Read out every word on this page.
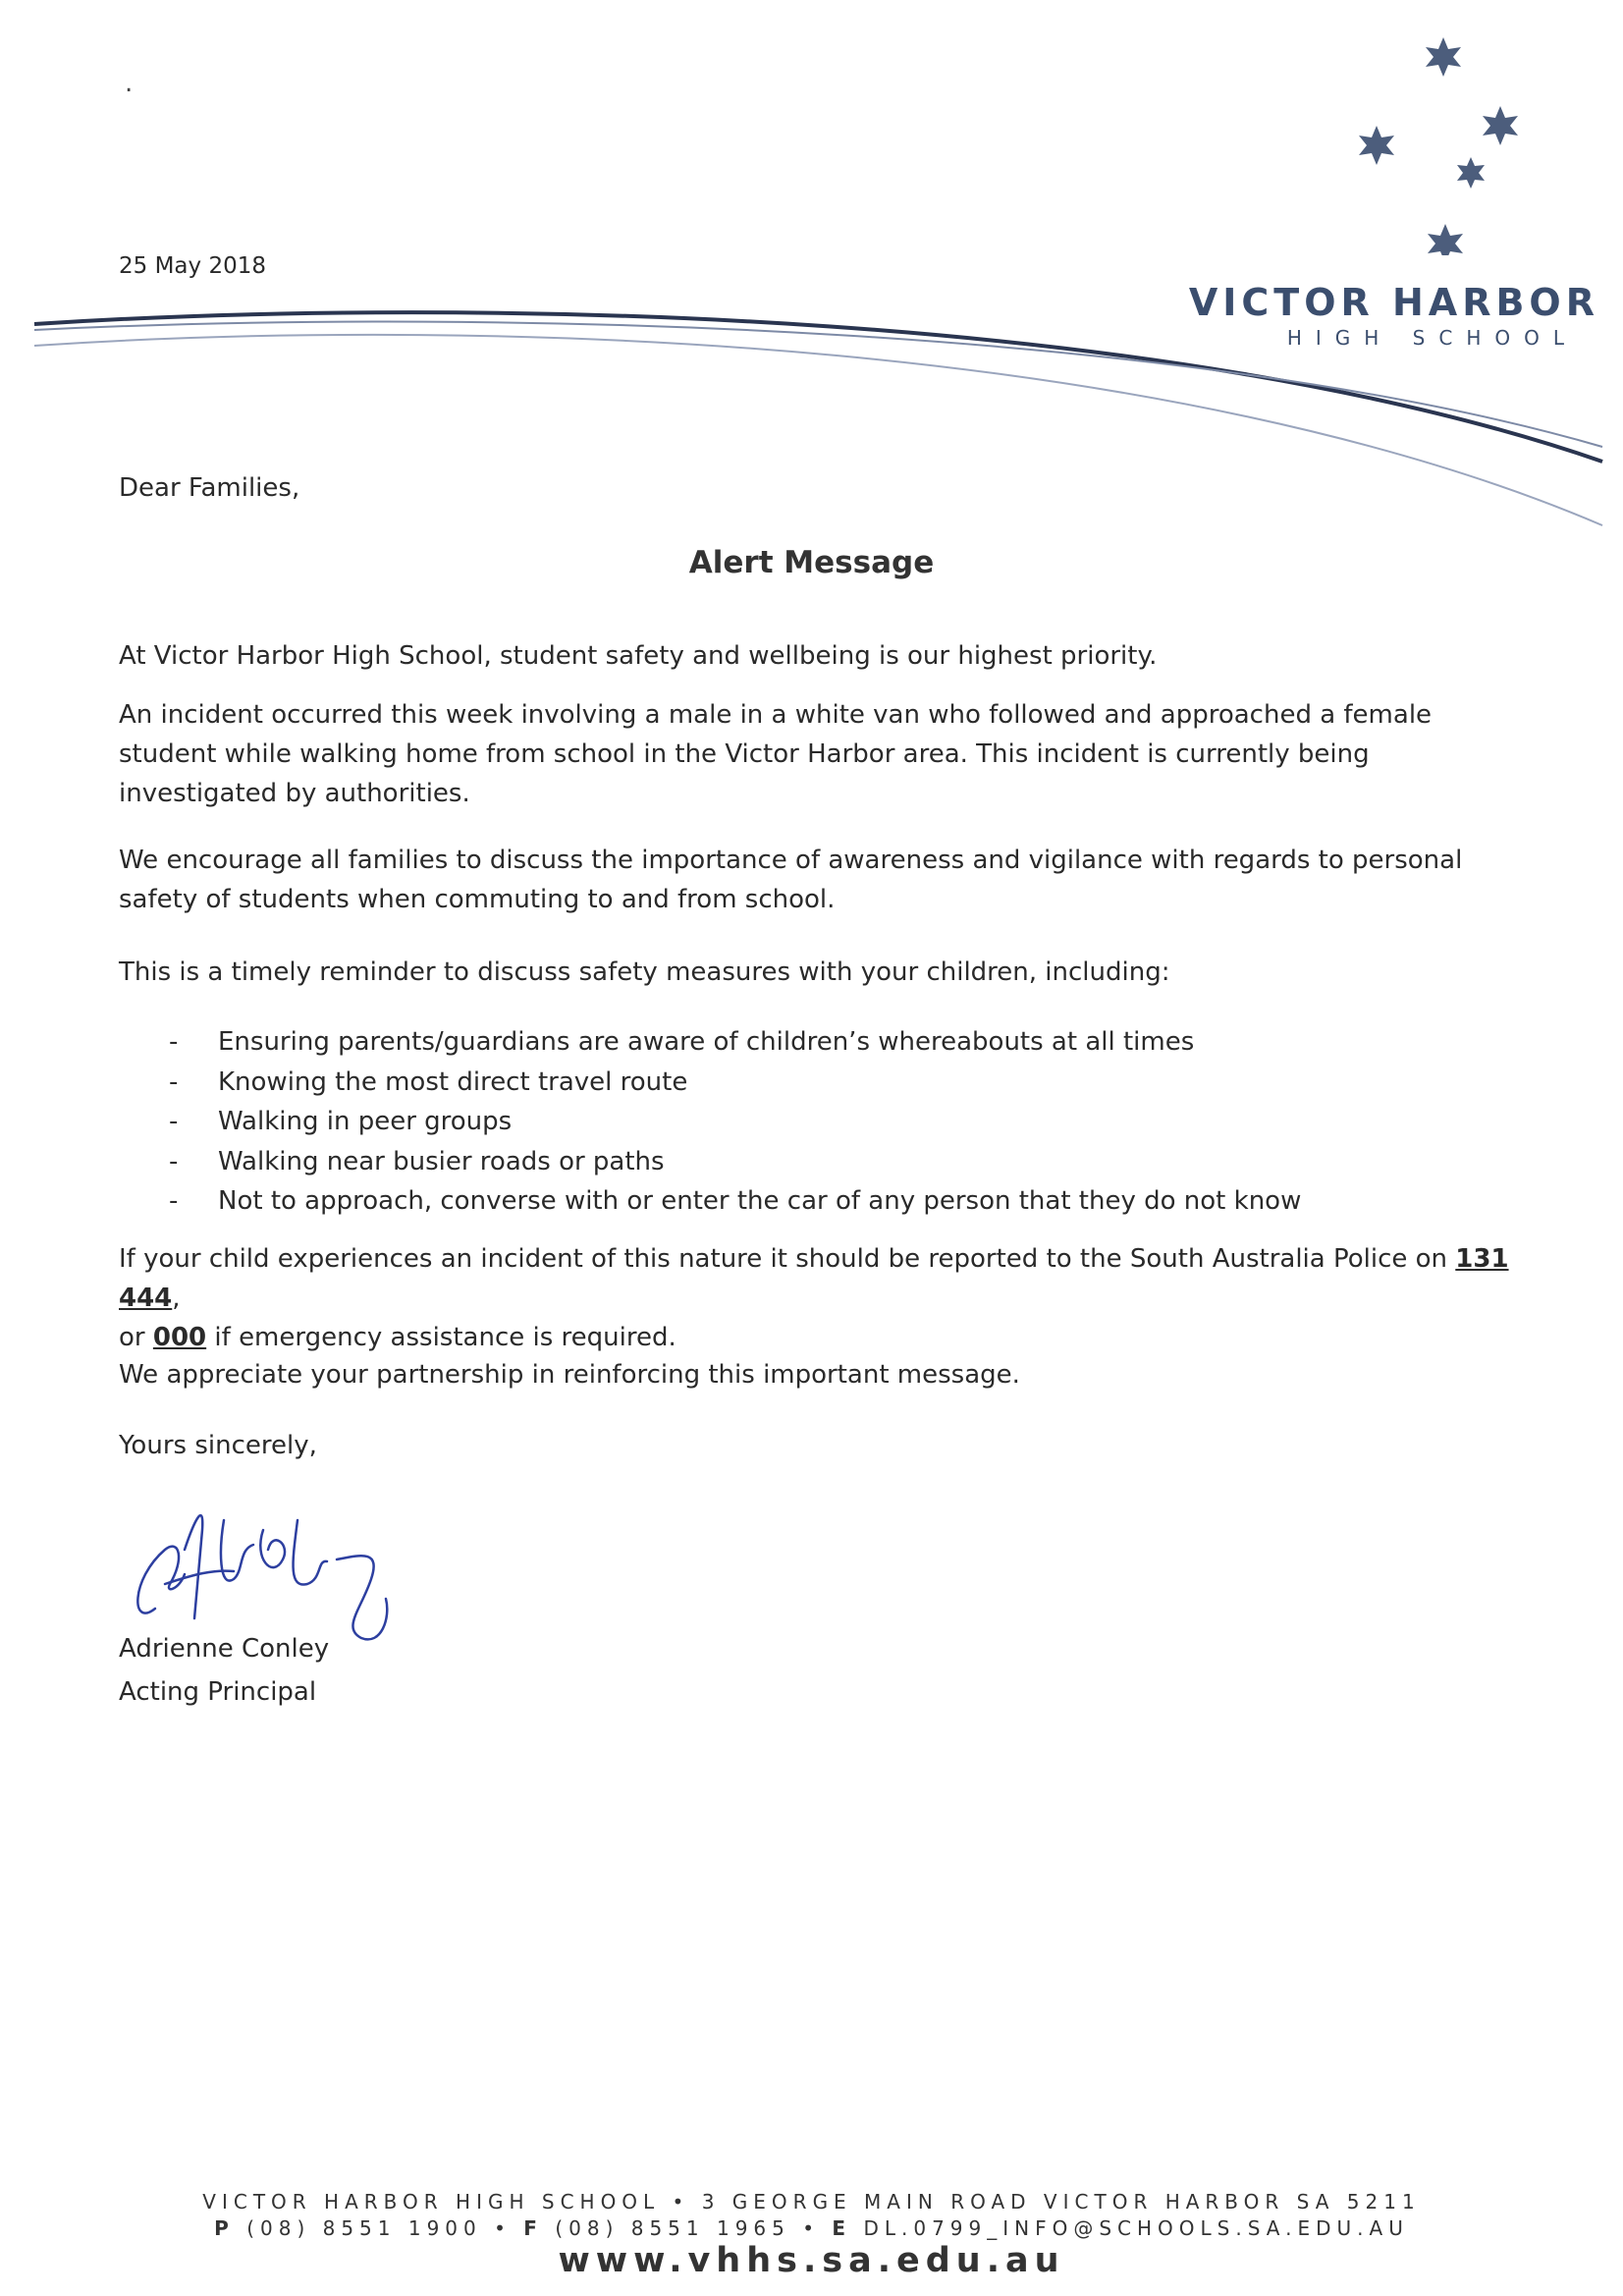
.
25 May 2018
VICTOR HARBOR
HIGH SCHOOL
Dear Families,
Alert Message
At Victor Harbor High School, student safety and wellbeing is our highest priority.
An incident occurred this week involving a male in a white van who followed and approached a female student while walking home from school in the Victor Harbor area. This incident is currently being investigated by authorities.
We encourage all families to discuss the importance of awareness and vigilance with regards to personal safety of students when commuting to and from school.
This is a timely reminder to discuss safety measures with your children, including:
-	Ensuring parents/guardians are aware of children’s whereabouts at all times
-	Knowing the most direct travel route
-	Walking in peer groups
-	Walking near busier roads or paths
-	Not to approach, converse with or enter the car of any person that they do not know
If your child experiences an incident of this nature it should be reported to the South Australia Police on 131 444,
or 000 if emergency assistance is required.
We appreciate your partnership in reinforcing this important message.
Yours sincerely,
Adrienne Conley
Acting Principal
VICTOR HARBOR HIGH SCHOOL • 3 GEORGE MAIN ROAD VICTOR HARBOR SA 5211
P (08) 8551 1900 • F (08) 8551 1965 • E DL.0799_INFO@SCHOOLS.SA.EDU.AU
www.vhhs.sa.edu.au
